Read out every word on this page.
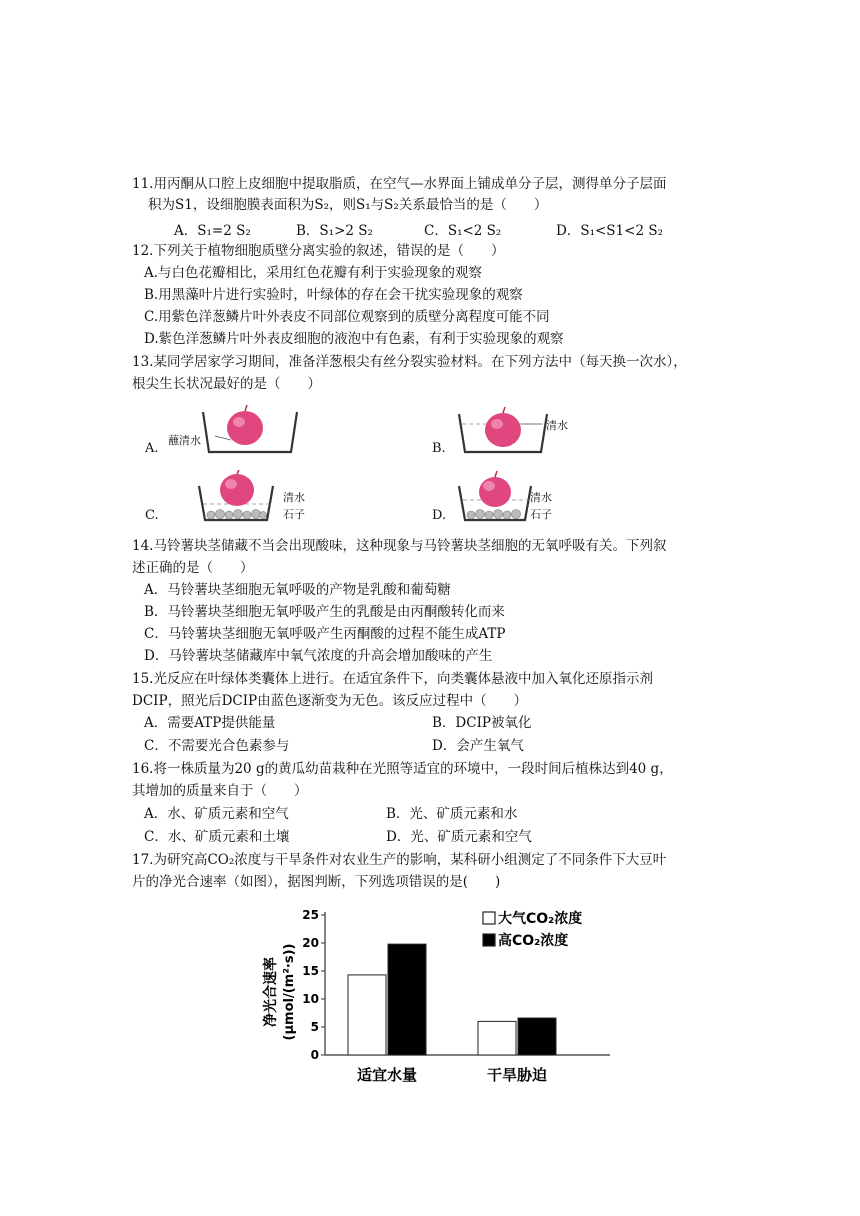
11.用丙酮从口腔上皮细胞中提取脂质，在空气—水界面上铺成单分子层，测得单分子层面
积为S1，设细胞膜表面积为S₂，则S₁与S₂关系最恰当的是（　　）
A．S₁=2 S₂	B．S₁>2 S₂	C．S₁<2 S₂	D．S₁<S1<2 S₂
12.下列关于植物细胞质壁分离实验的叙述，错误的是（　　）
A.与白色花瓣相比，采用红色花瓣有利于实验现象的观察
B.用黑藻叶片进行实验时，叶绿体的存在会干扰实验现象的观察
C.用紫色洋葱鳞片叶外表皮不同部位观察到的质壁分离程度可能不同
D.紫色洋葱鳞片叶外表皮细胞的液泡中有色素，有利于实验现象的观察
13.某同学居家学习期间，准备洋葱根尖有丝分裂实验材料。在下列方法中（每天换一次水），
根尖生长状况最好的是（　　）
A.	B.
C.	D.
蘸清水
清水
清水
石子
清水
石子
14.马铃薯块茎储藏不当会出现酸味，这种现象与马铃薯块茎细胞的无氧呼吸有关。下列叙
述正确的是（　　）
A．马铃薯块茎细胞无氧呼吸的产物是乳酸和葡萄糖
B．马铃薯块茎细胞无氧呼吸产生的乳酸是由丙酮酸转化而来
C．马铃薯块茎细胞无氧呼吸产生丙酮酸的过程不能生成ATP
D．马铃薯块茎储藏库中氧气浓度的升高会增加酸味的产生
15.光反应在叶绿体类囊体上进行。在适宜条件下，向类囊体悬液中加入氧化还原指示剂
DCIP，照光后DCIP由蓝色逐渐变为无色。该反应过程中（　　）
A．需要ATP提供能量	B．DCIP被氧化
C．不需要光合色素参与	D．会产生氧气
16.将一株质量为20 g的黄瓜幼苗栽种在光照等适宜的环境中，一段时间后植株达到40 g，
其增加的质量来自于（　　）
A．水、矿质元素和空气	B．光、矿质元素和水
C．水、矿质元素和土壤	D．光、矿质元素和空气
17.为研究高CO₂浓度与干旱条件对农业生产的影响，某科研小组测定了不同条件下大豆叶
片的净光合速率（如图），据图判断，下列选项错误的是(　　)
净光合速率 (μmol/(m²·s))
0
5
10
15
20
25
适宜水量	干旱胁迫
大气CO₂浓度
高CO₂浓度
